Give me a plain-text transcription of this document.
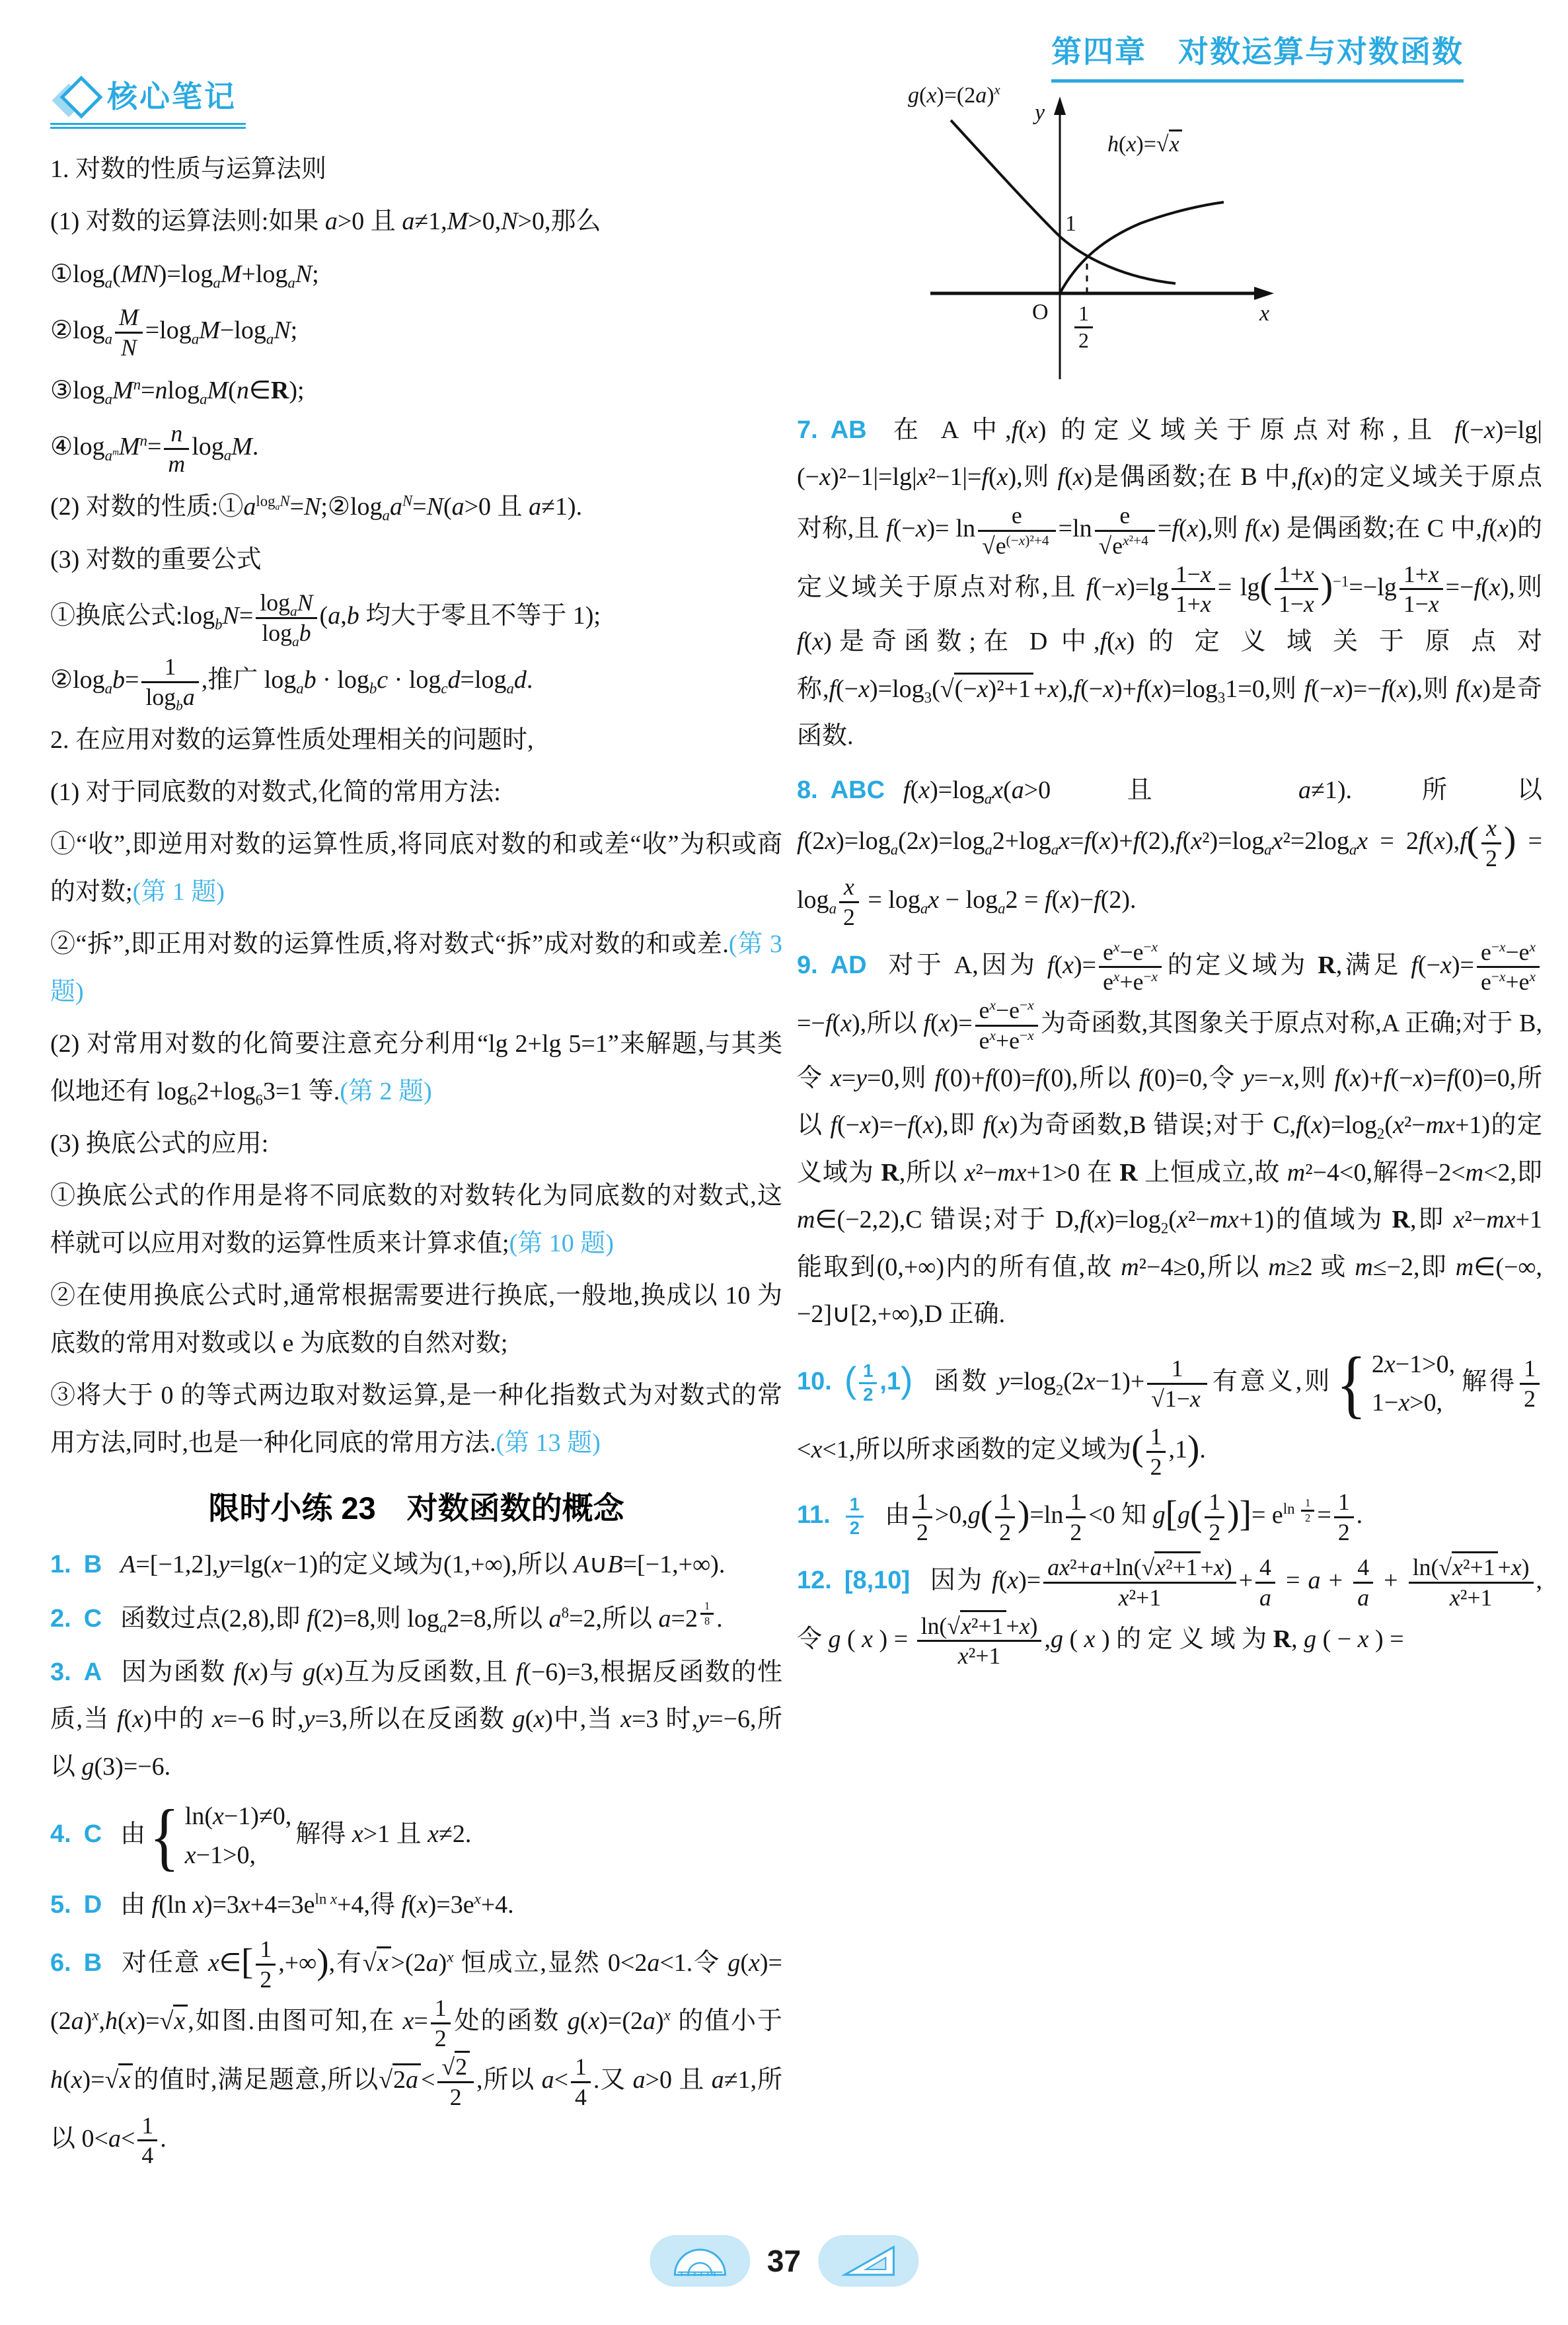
第四章　对数运算与对数函数
核心笔记

1. 对数的性质与运算法则

(1) 对数的运算法则:如果 a>0 且 a≠1,M>0,N>0,那么

$①\log_a(MN)=\log_aM+\log_aN$;

$②\log_a \frac{M}{N} =\log_aM-\log_aN$;

$③\log_aM^n=nlog_aM(n\in R)$;

$④\log_{a^m}M^n= \frac{n}{m} \log_aM$.

(2) 对数的性质$:①a^{log_aN}=N;②\log_aa^N=N(a>0$ 且 a≠1).

(3) 对数的重要公式

①换底公式$:\log_bN= \frac{\log_aN}{\log_ab} (a,b$ 均大于零且不等于 1);

$②\log_ab= \frac{1}{\log_ba}$ ,推广 $\log_ab \cdot \log_bc \cdot \log_cd=\log_ad$.

2. 在应用对数的运算性质处理相关的问题时,

(1) 对于同底数的对数式,化简的常用方法:

①“收”,即逆用对数的运算性质,将同底对数的和或差“收”为积或商的对数;(第 1 题)

②“拆”,即正用对数的运算性质,将对数式“拆”成对数的和或差.(第 3 题)

(2) 对常用对数的化简要注意充分利用“lg 2+lg 5=1”来解题,与其类似地还有 $\log_62+\log_63=1$ 等.(第 2 题)

(3) 换底公式的应用:

①换底公式的作用是将不同底数的对数转化为同底数的对数式,这样就可以应用对数的运算性质来计算求值;(第 10 题)

②在使用换底公式时,通常根据需要进行换底,一般地,换成以 10 为底数的常用对数或以 e 为底数的自然对数;

③将大于 0 的等式两边取对数运算,是一种化指数式为对数式的常用方法,同时,也是一种化同底的常用方法.(第 13 题)

限时小练 23　对数函数的概念
1. B A=[−1,2],y=lg(x−1)的定义域为(1,+∞),所以 A∪B=[−1,+∞).
2. C 函数过点(2,8),即 f(2)=8,则 $\log_a2=8$,所以 $a^8=2$,所以 a=2 $^{\frac{1}{8}}$ .
3. A 因为函数 f(x)与 g(x)互为反函数,且 f(−6)=3,根据反函数的性质,当 f(x)中的 x=−6 时,y=3,所以在反函数 g(x)中,当 x=3 时,y=−6,所以 g(3)=−6.
4. C 由 { ln(x−1)≠0,
x−1>0,
解得 x>1 且 x≠2.
5. D 由 f(ln $x)=3x+4=3e^{ln x}+4$,得 $f(x)=3e^x+4$.
6. B 对任意 x∈[ $\frac{1}{2}$ ,+∞),有$√x >(2a)^x$ 恒成立,显然 0<2a<1.令 $g(x)=(2a)^x,h(x)=√x$ ,如图.由图可知,在 $x= \frac{1}{2}$ 处的函数 $g(x)=(2a)^x$ 的值小于 h(x)=√x 的值时,满足题意,所以$√2a < \frac{√2}{2}$ ,所以 $a< \frac{1}{4}$ .又 a>0 且 a≠1,所以 $0<a< \frac{1}{4}$ .
$g(x)=(2a)^x$
h(x)=√x
y
x
O
1
$\frac{1}{2}$
7. AB 在 A 中,f(x) 的定义域关于原点对称,且 f(−x)=lg|(−x)²−1|=lg|x²−1|=f(x),则 f(x)是偶函数;在 B 中,f(x)的定义域关于原点对称,且 $f(-x)= \ln \frac{e}{√e^{(-x)^2+4}} =\ln \frac{e}{√e^{x^2+4}} =f(x)$,则 f(x) 是偶函数;在 C 中,f(x)的定义域关于原点对称,且 $f(-x)=\lg \frac{1-x}{1+x} = \lg( \frac{1+x}{1-x} )^{-1}=-\lg \frac{1+x}{1-x} =-f(x)$,则 f(x)是奇函数;在 D 中,f(x) 的 定 义 域 关 于 原 点 对 称$,f(-x)=\log_3(√(-x)^2+1 +x),f(-x)+f(x)=\log_31=0$,则 f(−x)=−f(x),则 f(x)是奇函数.
8. ABC $f(x)=\log_ax(a>0$ 且 a≠1).所以 $f(2x)=\log_a(2x)=\log_a2+\log_ax=f(x)+f(2),f(x^2)=\log_ax^2=2\log_ax = 2f(x),f( \frac{x}{2}$ ) = $\log_a \frac{x}{2} = \log_ax - \log_a2 = f(x)-f(2)$.
9. AD 对于 A,因为 $f(x)= \frac{e^x-e^{-x}}{e^x+e^{-x}}$ 的定义域为 R,满足 $f(-x)= \frac{e^{-x}-e^x}{e^{-x}+e^x}$
=−f(x),所以 $f(x)= \frac{e^x-e^{-x}}{e^x+e^{-x}}$ 为奇函数,其图象关于原点对称,A 正确;对于 B,令 x=y=0,则 f(0)+f(0)=f(0),所以 f(0)=0,令 y=−x,则 f(x)+f(−x)=f(0)=0,所以 f(−x)=−f(x),即 f(x)为奇函数,B 错误;对于 $C,f(x)=\log_2(x^2-mx+1)$的定义域为 R,所以 x²−mx+1>0 在 R 上恒成立,故 m²−4<0,解得−2<m<2,即 m∈(−2,2),C 错误;对于 $D,f(x)=\log_2(x^2-mx+1)$的值域为 R,即 x²−mx+1 能取到(0,+∞)内的所有值,故 m²−4≥0,所以 m≥2 或 m≤−2,即 m∈(−∞,−2]∪[2,+∞),D 正确.
10. ( $\frac{1}{2} ,1$) 函数 $y=\log_2(2x-1)+ \frac{1}{√1-x}$ 有意义,则 { 2x−1>0,
1−x>0,
解得 $\frac{1}{2}$
<x<1,所以所求函数的定义域为( $\frac{1}{2} ,1$).
11.  $\frac{1}{2}$ 由 $\frac{1}{2} >0,g( \frac{1}{2} )=\ln \frac{1}{2} <0$ 知 $g[g( \frac{1}{2}$ )]= $e^{ln \frac{1}{2}} = \frac{1}{2}$ .
12. [8,10] 因为 $f(x)= \frac{\text{ax²+a+ln(√x²+1 +x)}}{\text{x²+1}} + \frac{4}{a} = a + \frac{4}{a} + \frac{\text{ln(√x²+1 +x)}}{\text{x²+1}}$ , 令 g ( x ) = $\frac{\text{ln(√x²+1 +x)}}{\text{x²+1}} ,g$ ( x ) 的 定 义 域 为 R, g ( − x ) =
37
